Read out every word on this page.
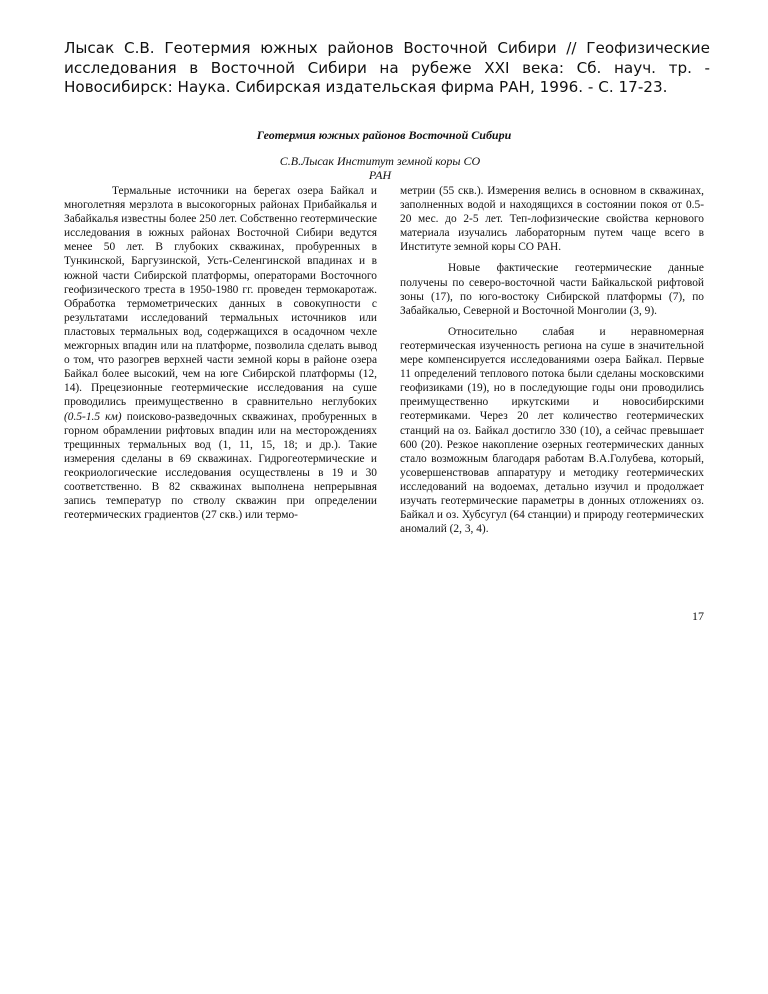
Лысак С.В. Геотермия южных районов Восточной Сибири // Геофизические исследования в Восточной Сибири на рубеже XXI века: Сб. науч. тр. - Новосибирск: Наука. Сибирская издательская фирма РАН, 1996. - С. 17-23.

Геотермия южных районов Восточной Сибири

С.В.Лысак Институт земной коры СО РАН

Термальные источники на берегах озера Байкал и многолетняя мерзлота в высокогорных районах Прибайкалья и Забайкалья известны более 250 лет. Собственно геотермические исследования в южных районах Восточной Сибири ведутся менее 50 лет. В глубоких скважинах, пробуренных в Тункинской, Баргузинской, Усть-Селенгинской впадинах и в южной части Сибирской платформы, операторами Восточного геофизического треста в 1950-1980 гг. проведен термокаротаж. Обработка термометрических данных в совокупности с результатами исследований термальных источников или пластовых термальных вод, содержащихся в осадочном чехле межгорных впадин или на платформе, позволила сделать вывод о том, что разогрев верхней части земной коры в районе озера Байкал более высокий, чем на юге Сибирской платформы (12, 14). Прецезионные геотермические исследования на суше проводились преимущественно в сравнительно неглубоких (0.5-1.5 км) поисково-разведочных скважинах, пробуренных в горном обрамлении рифтовых впадин или на месторождениях трещинных термальных вод (1, 11, 15, 18; и др.). Такие измерения сделаны в 69 скважинах. Гидрогеотермические и геокриологические исследования осуществлены в 19 и 30 соответственно. В 82 скважинах выполнена непрерывная запись температур по стволу скважин при определении геотермических градиентов (27 скв.) или термо-

метрии (55 скв.). Измерения велись в основном в скважинах, заполненных водой и находящихся в состоянии покоя от 0.5-20 мес. до 2-5 лет. Теп-лофизические свойства кернового материала изучались лабораторным путем чаще всего в Институте земной коры СО РАН.

Новые фактические геотермические данные получены по северо-восточной части Байкальской рифтовой зоны (17), по юго-востоку Сибирской платформы (7), по Забайкалью, Северной и Восточной Монголии (3, 9).

Относительно слабая и неравномерная геотермическая изученность региона на суше в значительной мере компенсируется исследованиями озера Байкал. Первые 11 определений теплового потока были сделаны московскими геофизиками (19), но в последующие годы они проводились преимущественно иркутскими и новосибирскими геотермиками. Через 20 лет количество геотермических станций на оз. Байкал достигло 330 (10), а сейчас превышает 600 (20). Резкое накопление озерных геотермических данных стало возможным благодаря работам В.А.Голубева, который, усовершенствовав аппаратуру и методику геотермических исследований на водоемах, детально изучил и продолжает изучать геотермические параметры в донных отложениях оз. Байкал и оз. Хубсугул (64 станции) и природу геотермических аномалий (2, 3, 4).

17
